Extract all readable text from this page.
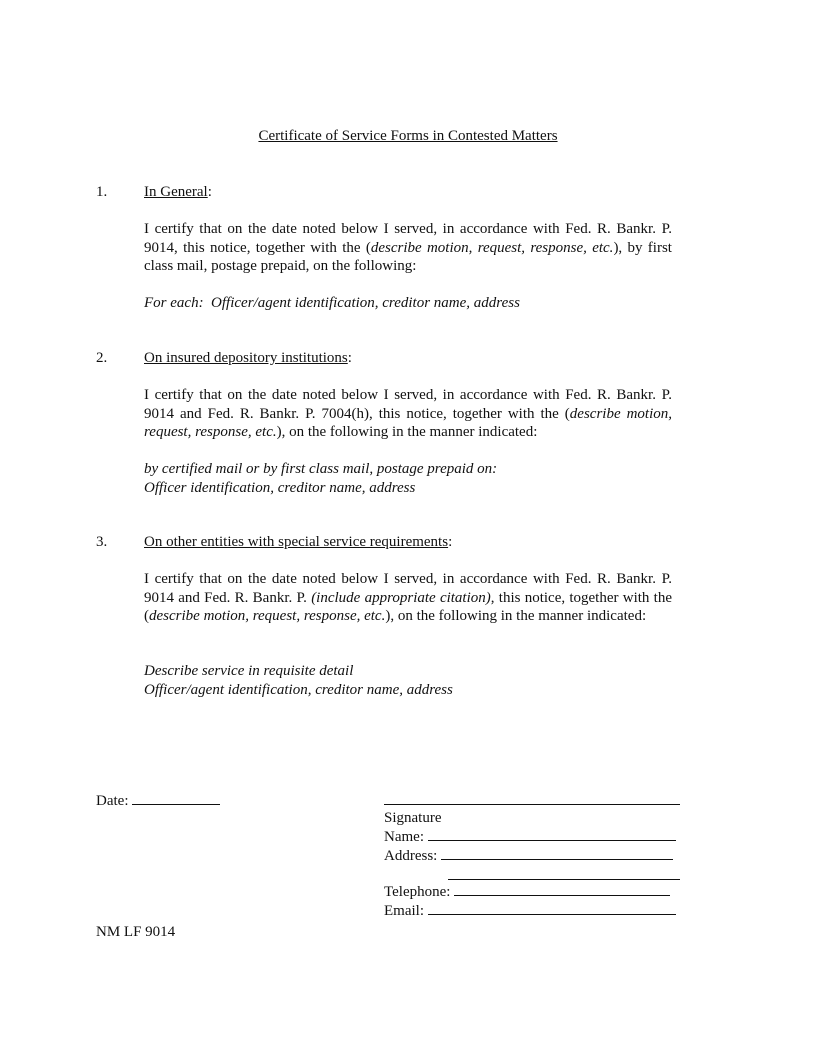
Certificate of Service Forms in Contested Matters
1. In General:
I certify that on the date noted below I served, in accordance with Fed. R. Bankr. P. 9014, this notice, together with the (describe motion, request, response, etc.), by first class mail, postage prepaid, on the following:
For each:  Officer/agent identification, creditor name, address
2. On insured depository institutions:
I certify that on the date noted below I served, in accordance with Fed. R. Bankr. P. 9014 and Fed. R. Bankr. P. 7004(h), this notice, together with the (describe motion, request, response, etc.), on the following in the manner indicated:
by certified mail or by first class mail, postage prepaid on:
Officer identification, creditor name, address
3. On other entities with special service requirements:
I certify that on the date noted below I served, in accordance with Fed. R. Bankr. P. 9014 and Fed. R. Bankr. P. (include appropriate citation), this notice, together with the (describe motion, request, response, etc.), on the following in the manner indicated:
Describe service in requisite detail
Officer/agent identification, creditor name, address
Date:
Signature
Name:
Address:
Telephone:
Email:
NM LF 9014
